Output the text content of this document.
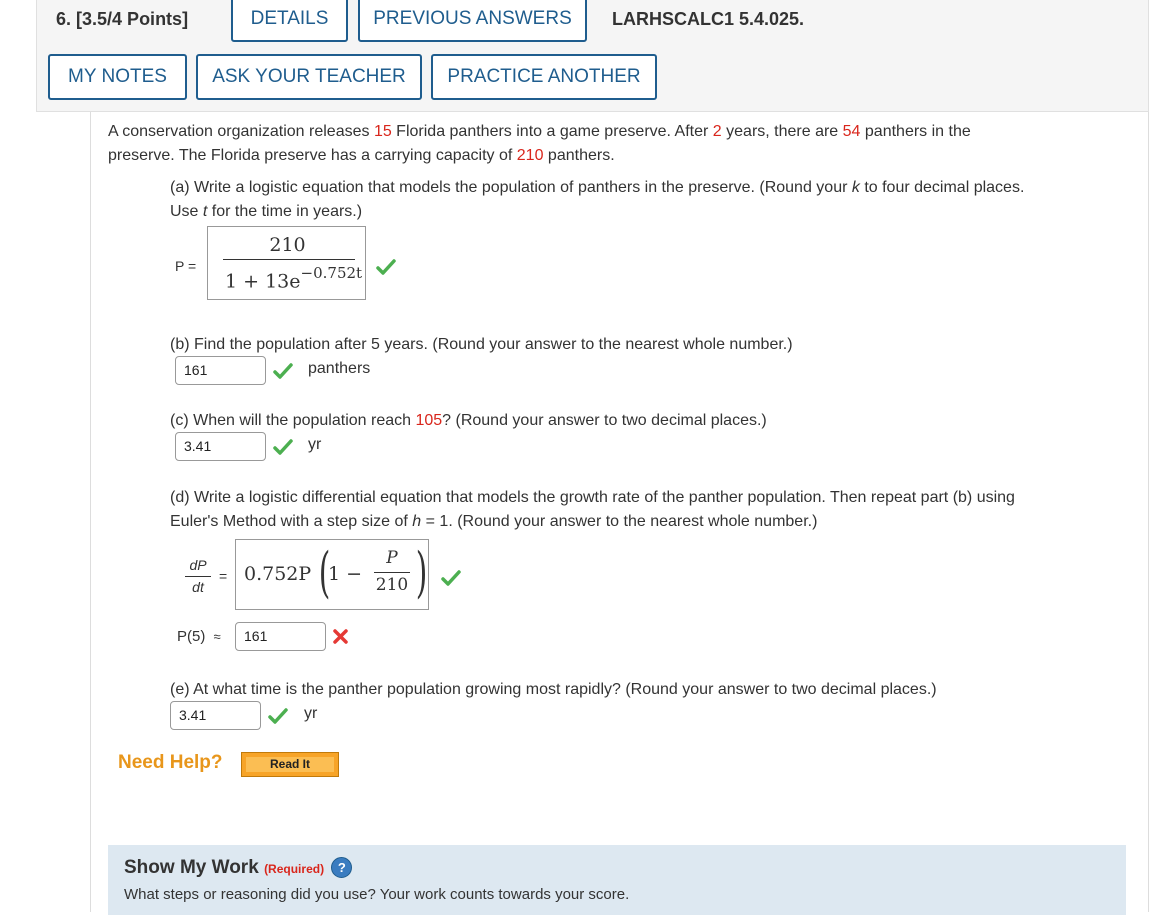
6. [3.5/4 Points]	DETAILS	PREVIOUS ANSWERS	LARHSCALC1 5.4.025.
MY NOTES	ASK YOUR TEACHER	PRACTICE ANOTHER
A conservation organization releases 15 Florida panthers into a game preserve. After 2 years, there are 54 panthers in the
preserve. The Florida preserve has a carrying capacity of 210 panthers.
(a) Write a logistic equation that models the population of panthers in the preserve. (Round your k to four decimal places.
Use t for the time in years.)
P =
210
$1 + 13e^{-0.752t}$
(b) Find the population after 5 years. (Round your answer to the nearest whole number.)
161	panthers
(c) When will the population reach 105? (Round your answer to two decimal places.)
3.41	yr
(d) Write a logistic differential equation that models the growth rate of the panther population. Then repeat part (b) using
Euler's Method with a step size of h = 1. (Round your answer to the nearest whole number.)
dP
dt
= 0.752P (
1 −
P
210 )
P(5) ≈	161
(e) At what time is the panther population growing most rapidly? (Round your answer to two decimal places.)
3.41	yr
Need Help?	Read It
Show My Work (Required) ?
What steps or reasoning did you use? Your work counts towards your score.
